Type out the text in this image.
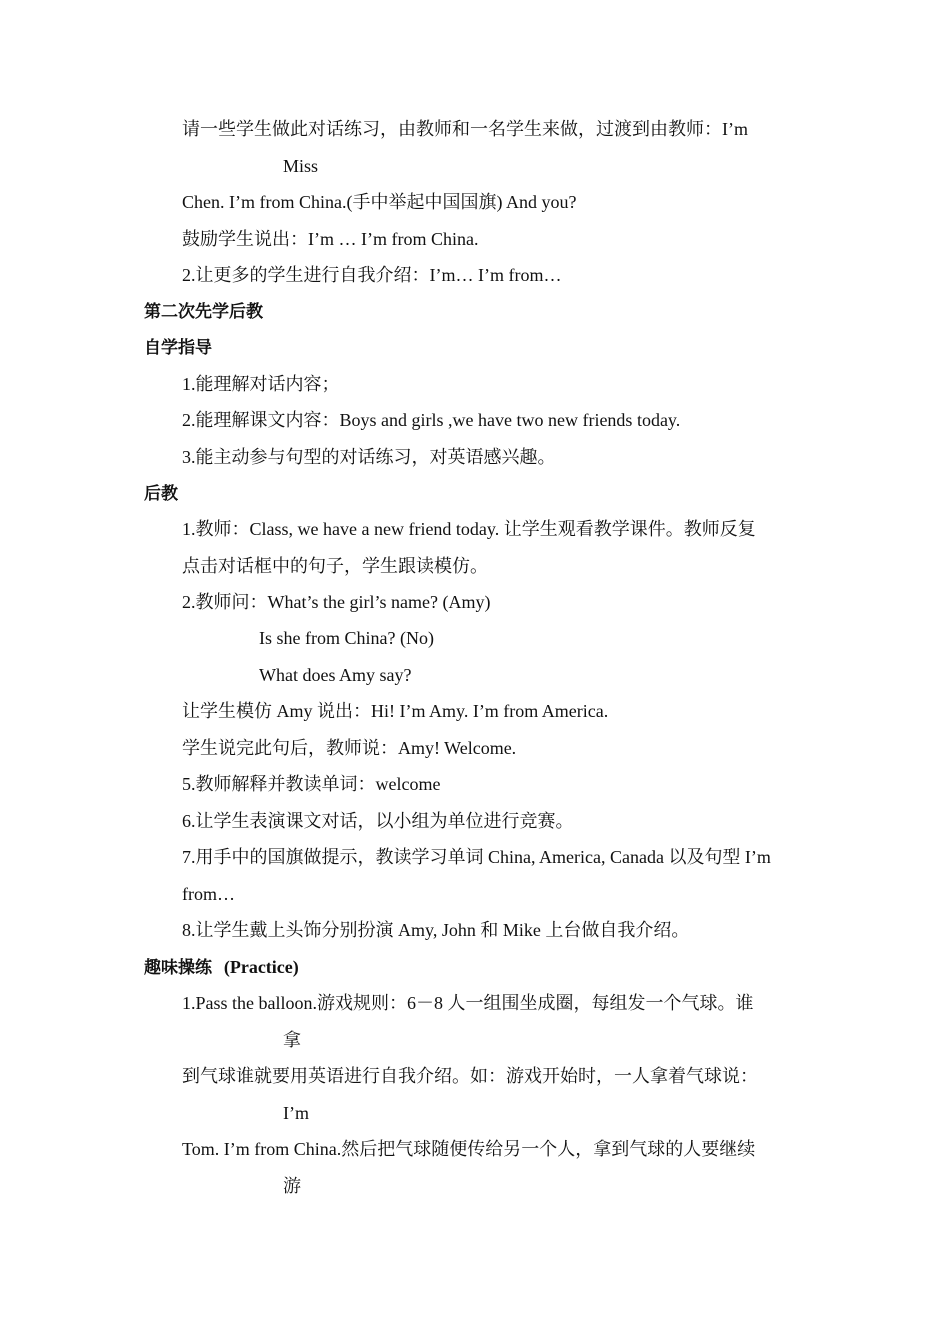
请一些学生做此对话练习，由教师和一名学生来做，过渡到由教师：I’m
Miss
Chen. I’m from China.(手中举起中国国旗) And you?
鼓励学生说出：I’m … I’m from China.
2.让更多的学生进行自我介绍：I’m… I’m from…
第二次先学后教
自学指导
1.能理解对话内容；
2.能理解课文内容：Boys and girls ,we have two new friends today.
3.能主动参与句型的对话练习，对英语感兴趣。
后教
1.教师：Class, we have a new friend today. 让学生观看教学课件。教师反复
点击对话框中的句子，学生跟读模仿。
2.教师问：What’s the girl’s name? (Amy)
Is she from China? (No)
What does Amy say?
让学生模仿 Amy 说出：Hi! I’m Amy. I’m from America.
学生说完此句后，教师说：Amy! Welcome.
5.教师解释并教读单词：welcome
6.让学生表演课文对话，以小组为单位进行竞赛。
7.用手中的国旗做提示，教读学习单词 China, America, Canada 以及句型 I’m
from…
8.让学生戴上头饰分别扮演 Amy, John 和 Mike 上台做自我介绍。
趣味操练 (Practice)
1.Pass the balloon.游戏规则：6－8 人一组围坐成圈，每组发一个气球。谁
拿
到气球谁就要用英语进行自我介绍。如：游戏开始时，一人拿着气球说：
I’m
Tom. I’m from China.然后把气球随便传给另一个人，拿到气球的人要继续
游
